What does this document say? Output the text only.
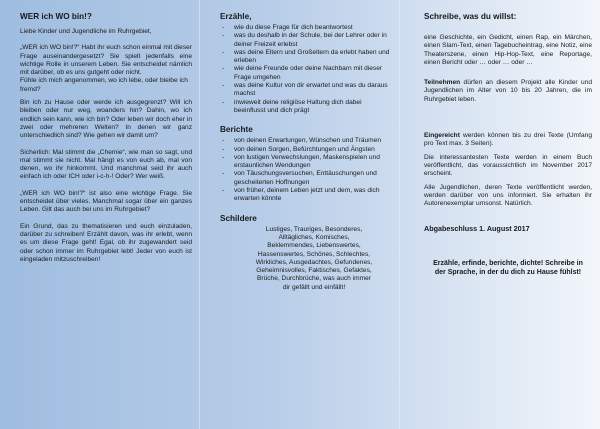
WER ich WO bin!?

Liebe Kinder und Jugendliche im Ruhrgebiet,

„WER ich WO bin!?“ Habt ihr euch schon einmal mit dieser Frage auseinandergesetzt? Sie spielt jedenfalls eine wichtige Rolle in unserem Leben. Sie entscheidet nämlich mit darüber, ob es uns gutgeht oder nicht.

Fühle ich mich angenommen, wo ich lebe, oder bleibe ich fremd?

Bin ich zu Hause oder werde ich ausgegrenzt? Will ich bleiben oder nur weg, woanders hin? Dahin, wo ich endlich sein kann, wie ich bin? Oder leben wir doch eher in zwei oder mehreren Welten? In denen wir ganz unterschiedlich sind? Wie gehen wir damit um?

Sicherlich: Mal stimmt die „Chemie“, wie man so sagt, und mal stimmt sie nicht. Mal hängt es von euch ab, mal von denen, wo ihr hinkommt. Und manchmal seid ihr auch einfach ich oder ICH oder i-c-h-! Oder? Wer weiß.

„WER ich WO bin!?“ ist also eine wichtige Frage. Sie entscheidet über vieles. Manchmal sogar über ein ganzes Leben. Gilt das auch bei uns im Ruhrgebiet?

Ein Grund, das zu thematisieren und euch einzuladen, darüber zu schreiben! Erzählt davon, was ihr erlebt, wenn es um diese Frage geht! Egal, ob ihr zugewandert seid oder schon immer im Ruhrgebiet lebt! Jeder von euch ist eingeladen mitzuschreiben!

Erzähle,
- wie du diese Frage für dich beantwortest
- was du deshalb in der Schule, bei der Lehrer oder in deiner Freizeit erlebst
- was deine Eltern und Großeltern da erlebt haben und erleben
- wie deine Freunde oder deine Nachbarn mit dieser Frage umgehen
- was deine Kultur von dir erwartet und was du daraus machst
- inwieweit deine religiöse Haltung dich dabei beeinflusst und dich prägt
Berichte
- von deinen Erwartungen, Wünschen und Träumen
- von deinen Sorgen, Befürchtungen und Ängsten
- von lustigen Verwechslungen, Maskenspielen und erstaunlichen Wendungen
- von Täuschungsversuchen, Enttäuschungen und gescheiterten Hoffnungen
- von früher, deinem Leben jetzt und dem, was dich erwarten könnte
Schildere
Lustiges, Trauriges, Besonderes,
Alltägliches, Komisches,
Beklemmendes, Liebenswertes,
Hassenswertes, Schönes, Schlechtes,
Wirkliches, Ausgedachtes, Gefundenes,
Geheimnisvolles, Faktisches, Gefaktes,
Brüche, Durchbrüche, was auch immer
dir gefällt und einfällt!
Schreibe, was du willst:

eine Geschichte, ein Gedicht, einen Rap, ein Märchen, einen Slam-Text, einen Tagebucheintrag, eine Notiz, eine Theaterszene, einen Hip-Hop-Text, eine Reportage, einen Bericht oder … oder … oder …

Teilnehmen dürfen an diesem Projekt alle Kinder und Jugendlichen im Alter von 10 bis 20 Jahren, die im Ruhrgebiet leben.

Eingereicht werden können bis zu drei Texte (Umfang pro Text max. 3 Seiten).

Die interessantesten Texte werden in einem Buch veröffentlicht, das voraussichtlich im November 2017 erscheint.

Alle Jugendlichen, deren Texte veröffentlicht werden, werden darüber von uns informiert. Sie erhalten ihr Autorenexemplar umsonst. Natürlich.

Abgabeschluss 1. August 2017
Erzähle, erfinde, berichte, dichte! Schreibe in der Sprache, in der du dich zu Hause fühlst!
